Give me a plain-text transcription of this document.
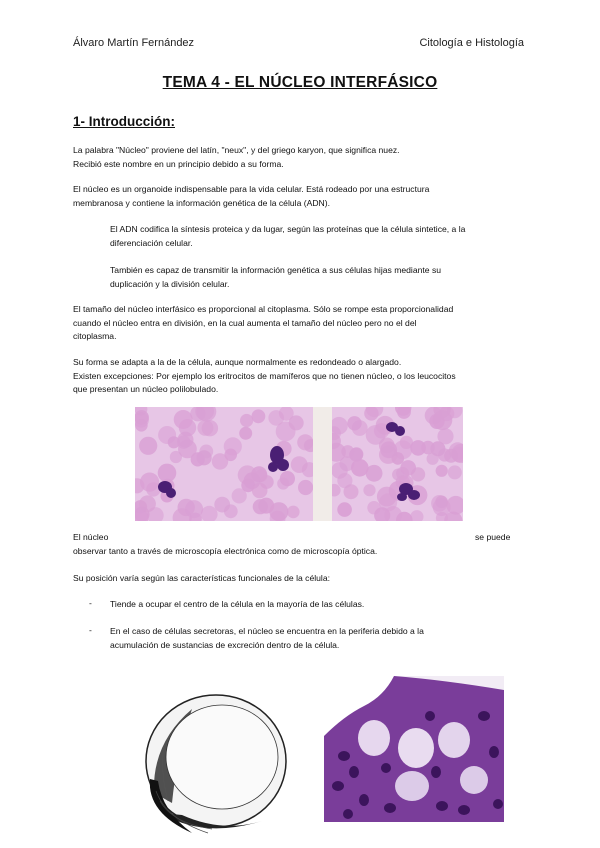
Álvaro Martín Fernández	Citología e Histología
TEMA 4 - EL NÚCLEO INTERFÁSICO
1- Introducción:
La palabra "Núcleo" proviene del latín, "neux", y del griego karyon, que significa nuez.
Recibió este nombre en un principio debido a su forma.
El núcleo es un organoide indispensable para la vida celular. Está rodeado por una estructura
membranosa y contiene la información genética de la célula (ADN).
El ADN codifica la síntesis proteica y da lugar, según las proteínas que la célula sintetice, a la
diferenciación celular.
También es capaz de transmitir la información genética a sus células hijas mediante su
duplicación y la división celular.
El tamaño del núcleo interfásico es proporcional al citoplasma. Sólo se rompe esta proporcionalidad
cuando el núcleo entra en división, en la cual aumenta el tamaño del núcleo pero no el del
citoplasma.
Su forma se adapta a la de la célula, aunque normalmente es redondeado o alargado.
Existen excepciones: Por ejemplo los eritrocitos de mamíferos que no tienen núcleo, o los leucocitos
que presentan un núcleo polilobulado.
El núcleo	se puede
observar tanto a través de microscopía electrónica como de microscopía óptica.
Su posición varía según las características funcionales de la célula:
- Tiende a ocupar el centro de la célula en la mayoría de las células.
- En el caso de células secretoras, el núcleo se encuentra en la periferia debido a la
acumulación de sustancias de excreción dentro de la célula.
